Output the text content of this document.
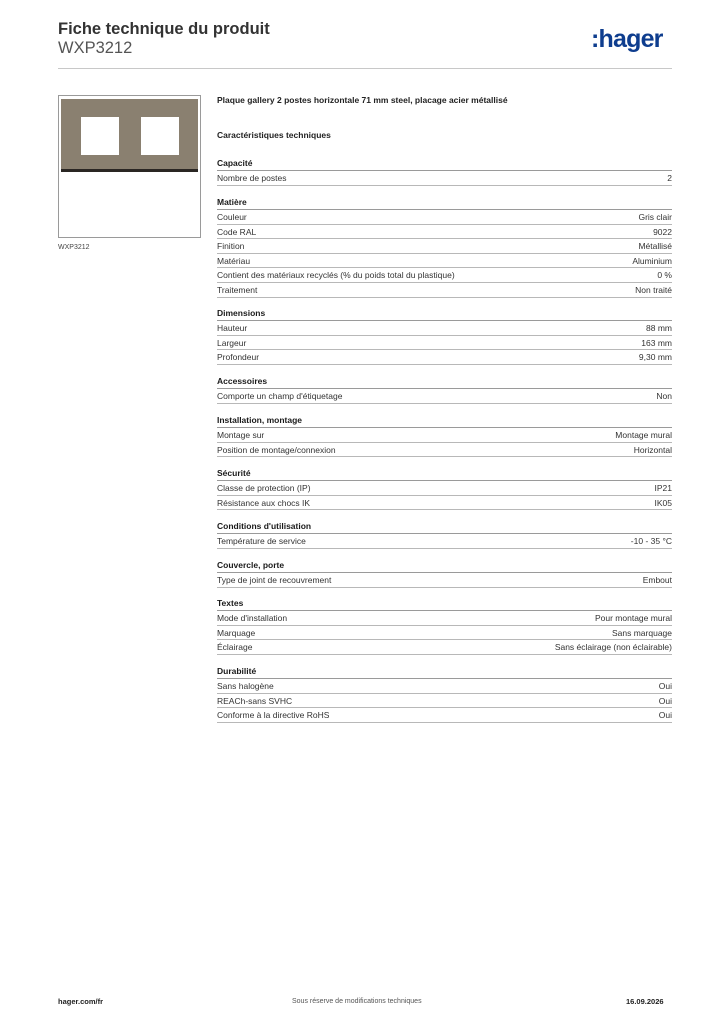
Fiche technique du produit
WXP3212	:hager
WXP3212
Plaque gallery 2 postes horizontale 71 mm steel, placage acier métallisé
Caractéristiques techniques
Capacité
Nombre de postes	2
Matière
Couleur	Gris clair
Code RAL	9022
Finition	Métallisé
Matériau	Aluminium
Contient des matériaux recyclés (% du poids total du plastique)	0 %
Traitement	Non traité
Dimensions
Hauteur	88 mm
Largeur	163 mm
Profondeur	9,30 mm
Accessoires
Comporte un champ d'étiquetage	Non
Installation, montage
Montage sur	Montage mural
Position de montage/connexion	Horizontal
Sécurité
Classe de protection (IP)	IP21
Résistance aux chocs IK	IK05
Conditions d'utilisation
Température de service	-10 - 35 °C
Couvercle, porte
Type de joint de recouvrement	Embout
Textes
Mode d'installation	Pour montage mural
Marquage	Sans marquage
Éclairage	Sans éclairage (non éclairable)
Durabilité
Sans halogène	Oui
REACh-sans SVHC	Oui
Conforme à la directive RoHS	Oui
hager.com/fr	Sous réserve de modifications techniques	16.09.2026
